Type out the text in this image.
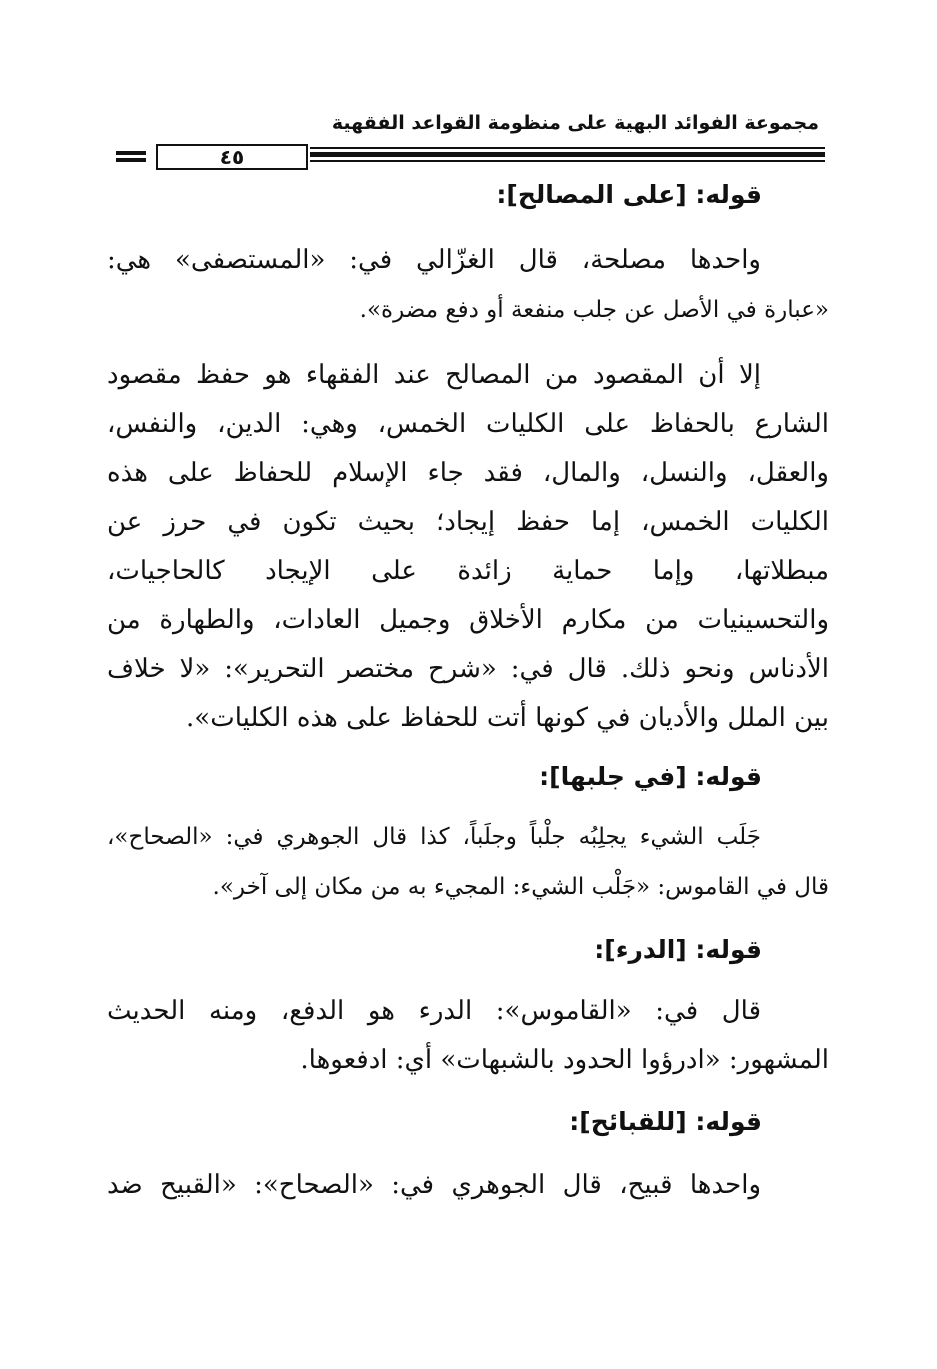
مجموعة الفوائد البهية على منظومة القواعد الفقهية
٤٥
قوله: [على المصالح]:
واحدها مصلحة، قال الغزّالي في: «المستصفى» هي:
«عبارة في الأصل عن جلب منفعة أو دفع مضرة».
إلا أن المقصود من المصالح عند الفقهاء هو حفظ مقصود
الشارع بالحفاظ على الكليات الخمس، وهي: الدين، والنفس،
والعقل، والنسل، والمال، فقد جاء الإسلام للحفاظ على هذه
الكليات الخمس، إما حفظ إيجاد؛ بحيث تكون في حرز عن
مبطلاتها، وإما حماية زائدة على الإيجاد كالحاجيات،
والتحسينيات من مكارم الأخلاق وجميل العادات، والطهارة من
الأدناس ونحو ذلك. قال في: «شرح مختصر التحرير»: «لا خلاف
بين الملل والأديان في كونها أتت للحفاظ على هذه الكليات».
قوله: [في جلبها]:
جَلَب الشيء يجلِبُه جلْباً وجلَباً، كذا قال الجوهري في: «الصحاح»،
قال في القاموس: «جَلْب الشيء: المجيء به من مكان إلى آخر».
قوله: [الدرء]:
قال في: «القاموس»: الدرء هو الدفع، ومنه الحديث
المشهور: «ادرؤوا الحدود بالشبهات» أي: ادفعوها.
قوله: [للقبائح]:
واحدها قبيح، قال الجوهري في: «الصحاح»: «القبيح ضد
